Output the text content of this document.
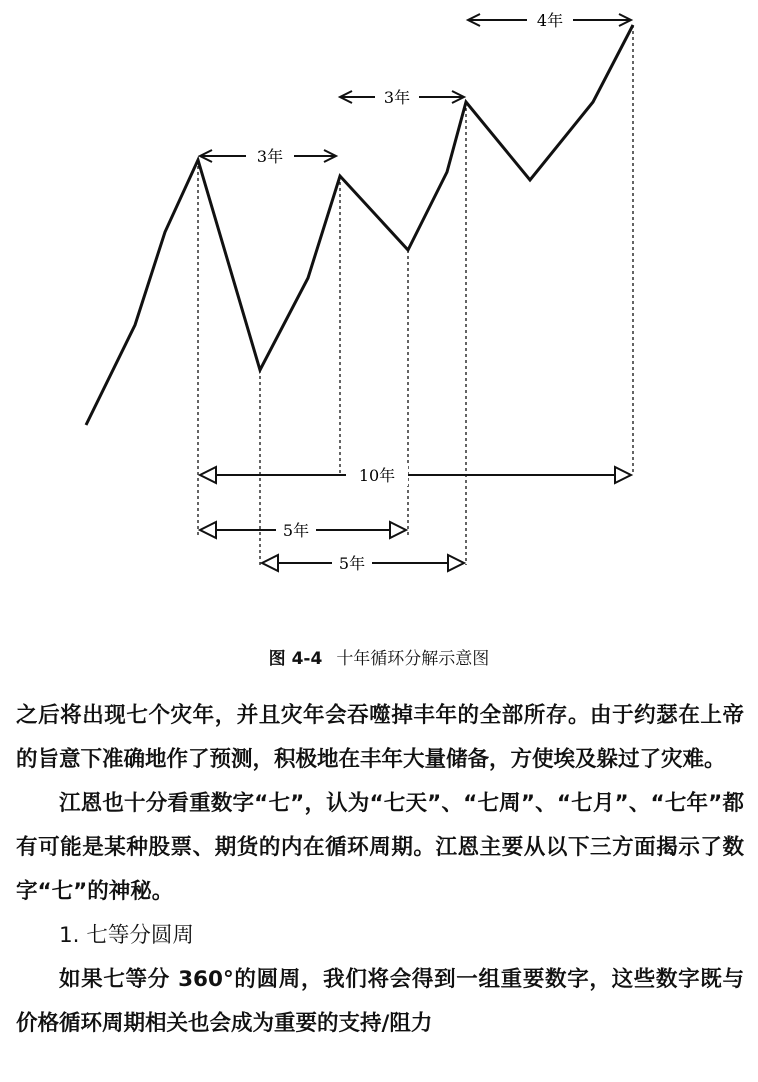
3年
3年
4年
10年
5年
5年
图 4-4 十年循环分解示意图

之后将出现七个灾年，并且灾年会吞噬掉丰年的全部所存。由于约瑟在上帝的旨意下准确地作了预测，积极地在丰年大量储备，方使埃及躲过了灾难。

江恩也十分看重数字“七”，认为“七天”、“七周”、“七月”、“七年”都有可能是某种股票、期货的内在循环周期。江恩主要从以下三方面揭示了数字“七”的神秘。

1. 七等分圆周

如果七等分 360°的圆周，我们将会得到一组重要数字，这些数字既与价格循环周期相关也会成为重要的支持/阻力
